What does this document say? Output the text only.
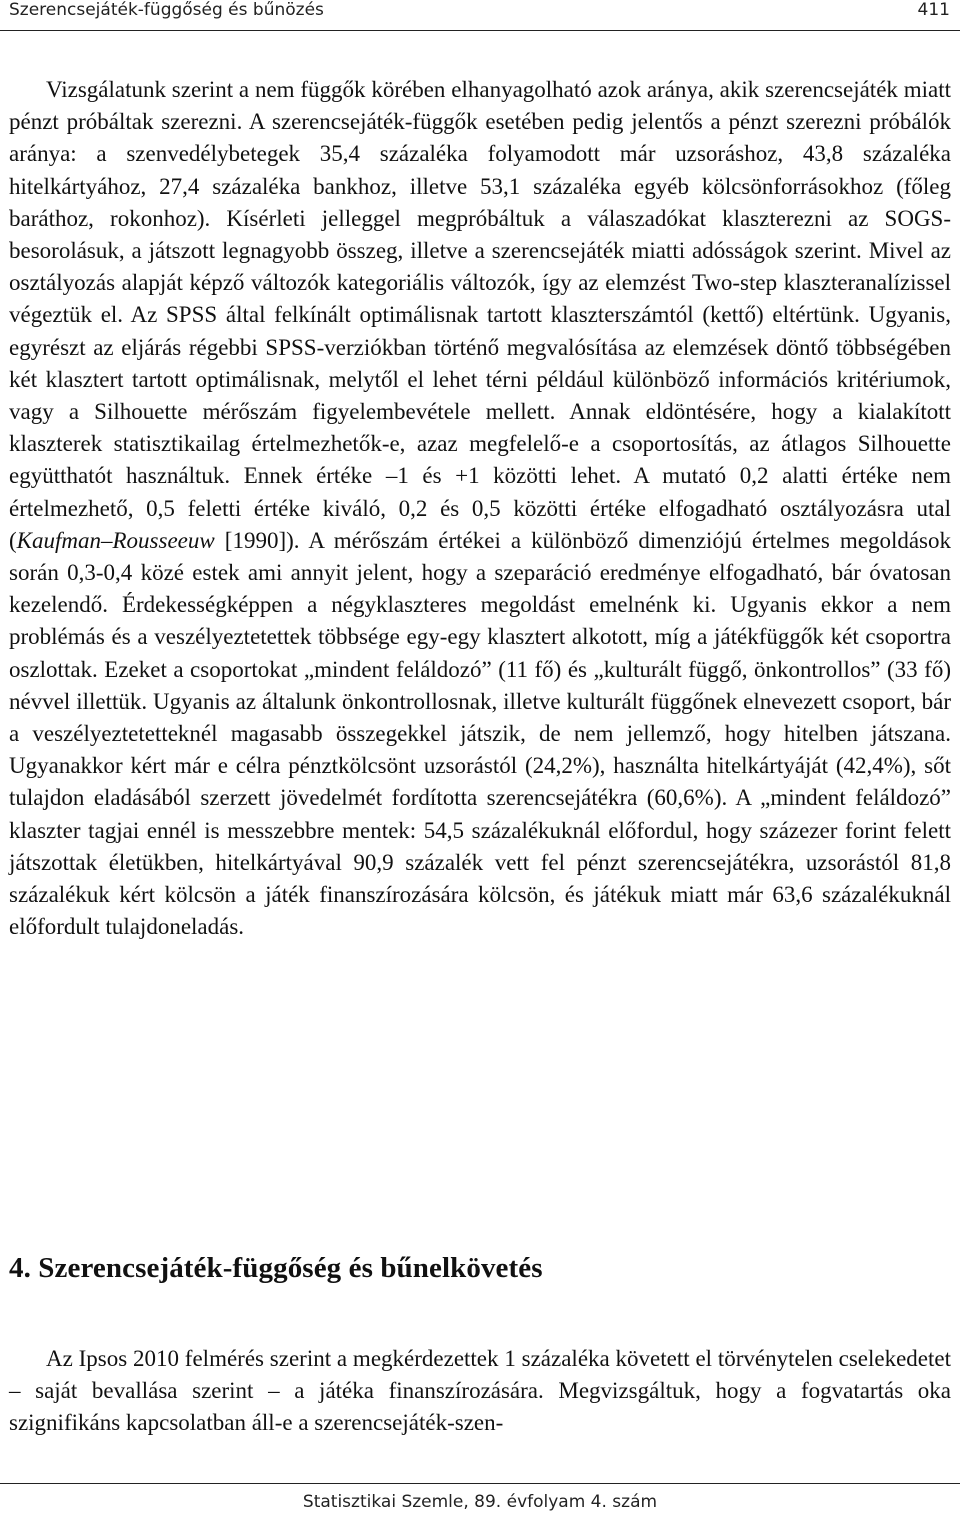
Szerencsejáték-függőség és bűnözés	411

Vizsgálatunk szerint a nem függők körében elhanyagolható azok aránya, akik szerencsejáték miatt pénzt próbáltak szerezni. A szerencsejáték-függők esetében pedig jelentős a pénzt szerezni próbálók aránya: a szenvedélybetegek 35,4 százaléka folyamodott már uzsoráshoz, 43,8 százaléka hitelkártyához, 27,4 százaléka bankhoz, illetve 53,1 százaléka egyéb kölcsönforrásokhoz (főleg baráthoz, rokonhoz). Kísérleti jelleggel megpróbáltuk a válaszadókat klaszterezni az SOGS-besorolásuk, a játszott legnagyobb összeg, illetve a szerencsejáték miatti adósságok szerint. Mivel az osztályozás alapját képző változók kategoriális változók, így az elemzést Two-step klaszteranalízissel végeztük el. Az SPSS által felkínált optimálisnak tartott klaszterszámtól (kettő) eltértünk. Ugyanis, egyrészt az eljárás régebbi SPSS-verziókban történő megvalósítása az elemzések döntő többségében két klasztert tartott optimálisnak, melytől el lehet térni például különböző információs kritériumok, vagy a Silhouette mérőszám figyelembevétele mellett. Annak eldöntésére, hogy a kialakított klaszterek statisztikailag értelmezhetők-e, azaz megfelelő-e a csoportosítás, az átlagos Silhouette együtthatót használtuk. Ennek értéke –1 és +1 közötti lehet. A mutató 0,2 alatti értéke nem értelmezhető, 0,5 feletti értéke kiváló, 0,2 és 0,5 közötti értéke elfogadható osztályozásra utal (Kaufman–Rousseeuw [1990]). A mérőszám értékei a különböző dimenziójú értelmes megoldások során 0,3-0,4 közé estek ami annyit jelent, hogy a szeparáció eredménye elfogadható, bár óvatosan kezelendő. Érdekességképpen a négyklaszteres megoldást emelnénk ki. Ugyanis ekkor a nem problémás és a veszélyeztetettek többsége egy-egy klasztert alkotott, míg a játékfüggők két csoportra oszlottak. Ezeket a csoportokat „mindent feláldozó” (11 fő) és „kulturált függő, önkontrollos” (33 fő) névvel illettük. Ugyanis az általunk önkontrollosnak, illetve kulturált függőnek elnevezett csoport, bár a veszélyeztetetteknél magasabb összegekkel játszik, de nem jellemző, hogy hitelben játszana. Ugyanakkor kért már e célra pénztkölcsönt uzsorástól (24,2%), használta hitelkártyáját (42,4%), sőt tulajdon eladásából szerzett jövedelmét fordította szerencsejátékra (60,6%). A „mindent feláldozó” klaszter tagjai ennél is messzebbre mentek: 54,5 százalékuknál előfordul, hogy százezer forint felett játszottak életükben, hitelkártyával 90,9 százalék vett fel pénzt szerencsejátékra, uzsorástól 81,8 százalékuk kért kölcsön a játék finanszírozására kölcsön, és játékuk miatt már 63,6 százalékuknál előfordult tulajdoneladás.

4. Szerencsejáték-függőség és bűnelkövetés

Az Ipsos 2010 felmérés szerint a megkérdezettek 1 százaléka követett el törvénytelen cselekedetet – saját bevallása szerint – a játéka finanszírozására. Megvizsgáltuk, hogy a fogvatartás oka szignifikáns kapcsolatban áll-e a szerencsejáték-szen-

Statisztikai Szemle, 89. évfolyam 4. szám
